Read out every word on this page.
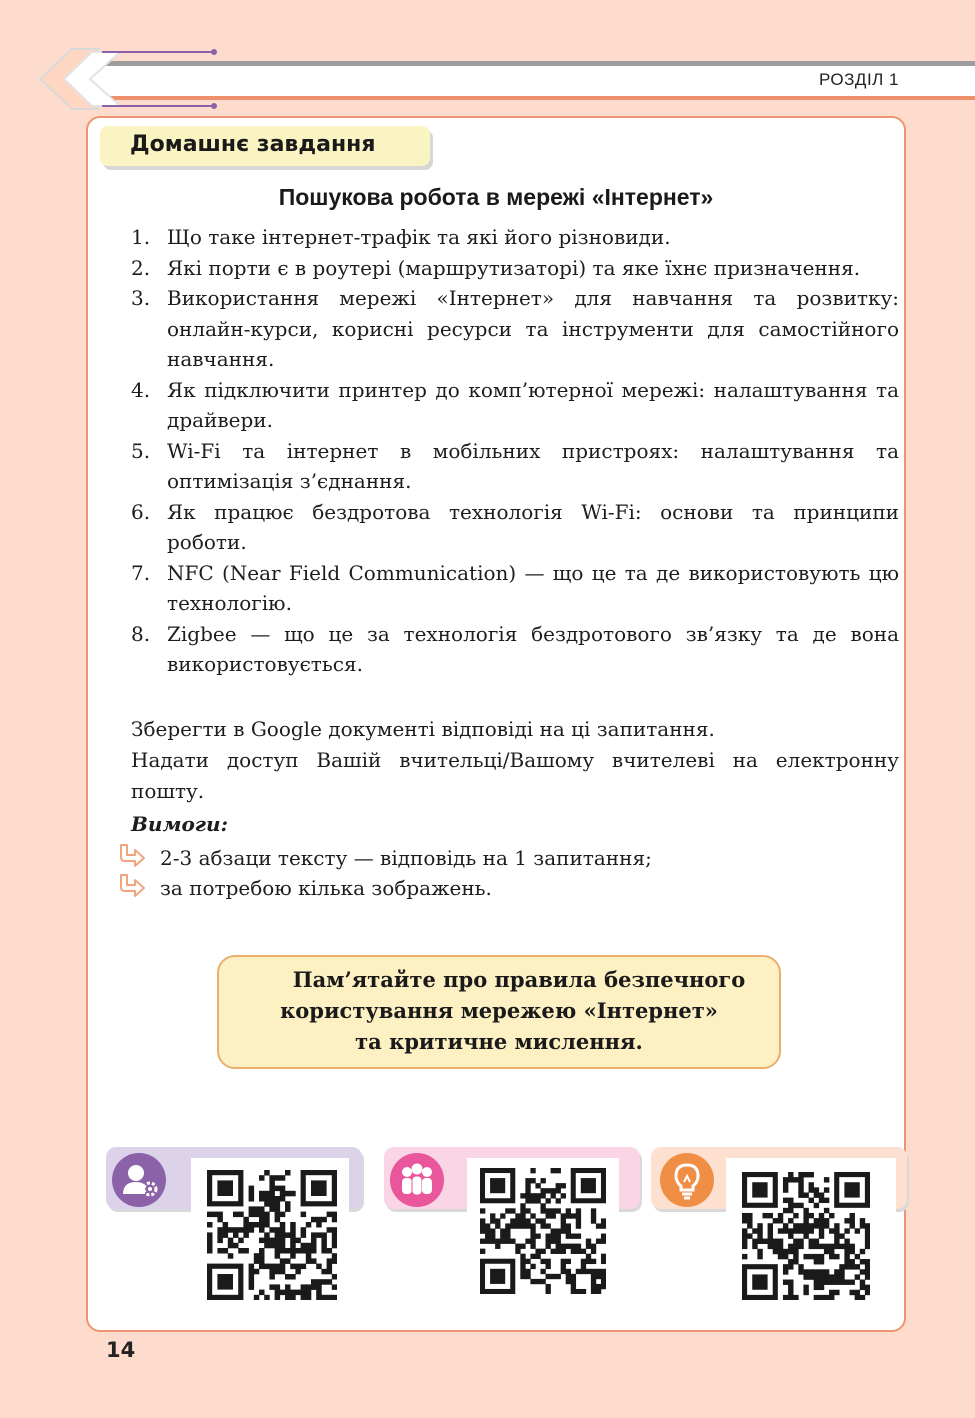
РОЗДІЛ 1
Домашнє завдання
Пошукова робота в мережі «Інтернет»
1. Що таке інтернет-трафік та які його різновиди.
2. Які порти є в роутері (маршрутизаторі) та яке їхнє призначення.
3. Використання мережі «Інтернет» для навчання та розвитку: онлайн-курси, корисні ресурси та інструменти для самостійного навчання.
4. Як підключити принтер до комп’ютерної мережі: налаштування та драйвери.
5. Wi-Fi та інтернет в мобільних пристроях: налаштування та оптимізація з’єднання.
6. Як працює бездротова технологія Wi-Fi: основи та принципи роботи.
7. NFC (Near Field Communication) — що це та де використовують цю технологію.
8. Zigbee — що це за технологія бездротового зв’язку та де вона використовується.
Зберегти в Google документі відповіді на ці запитання.
Надати доступ Вашій вчительці/Вашому вчителеві на електронну пошту.
Вимоги:
2-3 абзаци тексту — відповідь на 1 запитання;
за потребою кілька зображень.
Пам’ятайте про правила безпечного
користування мережею «Інтернет»
та критичне мислення.
14
